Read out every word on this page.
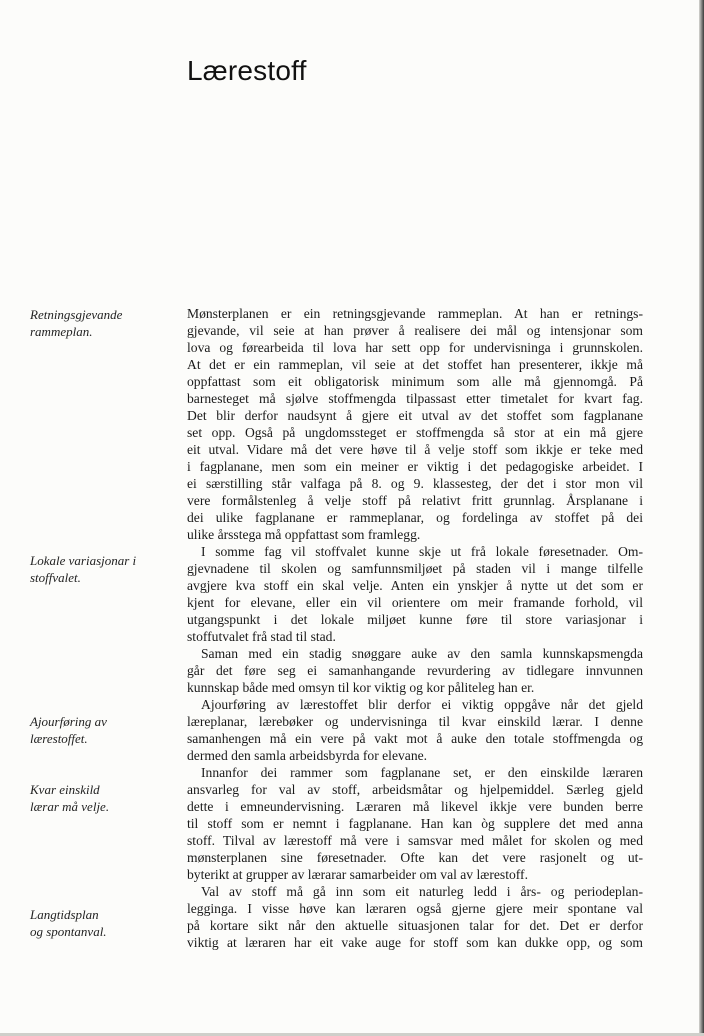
Lærestoff
Retningsgjevande
rammeplan.
Lokale variasjonar i
stoffvalet.
Ajourføring av
lærestoffet.
Kvar einskild
lærar må velje.
Langtidsplan
og spontanval.
Mønsterplanen er ein retningsgjevande rammeplan. At han er retnings-
gjevande, vil seie at han prøver å realisere dei mål og intensjonar som
lova og førearbeida til lova har sett opp for undervisninga i grunnskolen.
At det er ein rammeplan, vil seie at det stoffet han presenterer, ikkje må
oppfattast som eit obligatorisk minimum som alle må gjennomgå. På
barnesteget må sjølve stoffmengda tilpassast etter timetalet for kvart fag.
Det blir derfor naudsynt å gjere eit utval av det stoffet som fagplanane
set opp. Også på ungdomssteget er stoffmengda så stor at ein må gjere
eit utval. Vidare må det vere høve til å velje stoff som ikkje er teke med
i fagplanane, men som ein meiner er viktig i det pedagogiske arbeidet. I
ei særstilling står valfaga på 8. og 9. klassesteg, der det i stor mon vil
vere formålstenleg å velje stoff på relativt fritt grunnlag. Årsplanane i
dei ulike fagplanane er rammeplanar, og fordelinga av stoffet på dei
ulike årsstega må oppfattast som framlegg.
I somme fag vil stoffvalet kunne skje ut frå lokale føresetnader. Om-
gjevnadene til skolen og samfunnsmiljøet på staden vil i mange tilfelle
avgjere kva stoff ein skal velje. Anten ein ynskjer å nytte ut det som er
kjent for elevane, eller ein vil orientere om meir framande forhold, vil
utgangspunkt i det lokale miljøet kunne føre til store variasjonar i
stoffutvalet frå stad til stad.
Saman med ein stadig snøggare auke av den samla kunnskapsmengda
går det føre seg ei samanhangande revurdering av tidlegare innvunnen
kunnskap både med omsyn til kor viktig og kor påliteleg han er.
Ajourføring av lærestoffet blir derfor ei viktig oppgåve når det gjeld
læreplanar, lærebøker og undervisninga til kvar einskild lærar. I denne
samanhengen må ein vere på vakt mot å auke den totale stoffmengda og
dermed den samla arbeidsbyrda for elevane.
Innanfor dei rammer som fagplanane set, er den einskilde læraren
ansvarleg for val av stoff, arbeidsmåtar og hjelpemiddel. Særleg gjeld
dette i emneundervisning. Læraren må likevel ikkje vere bunden berre
til stoff som er nemnt i fagplanane. Han kan òg supplere det med anna
stoff. Tilval av lærestoff må vere i samsvar med målet for skolen og med
mønsterplanen sine føresetnader. Ofte kan det vere rasjonelt og ut-
byterikt at grupper av lærarar samarbeider om val av lærestoff.
Val av stoff må gå inn som eit naturleg ledd i års- og periodeplan-
legginga. I visse høve kan læraren også gjerne gjere meir spontane val
på kortare sikt når den aktuelle situasjonen talar for det. Det er derfor
viktig at læraren har eit vake auge for stoff som kan dukke opp, og som
